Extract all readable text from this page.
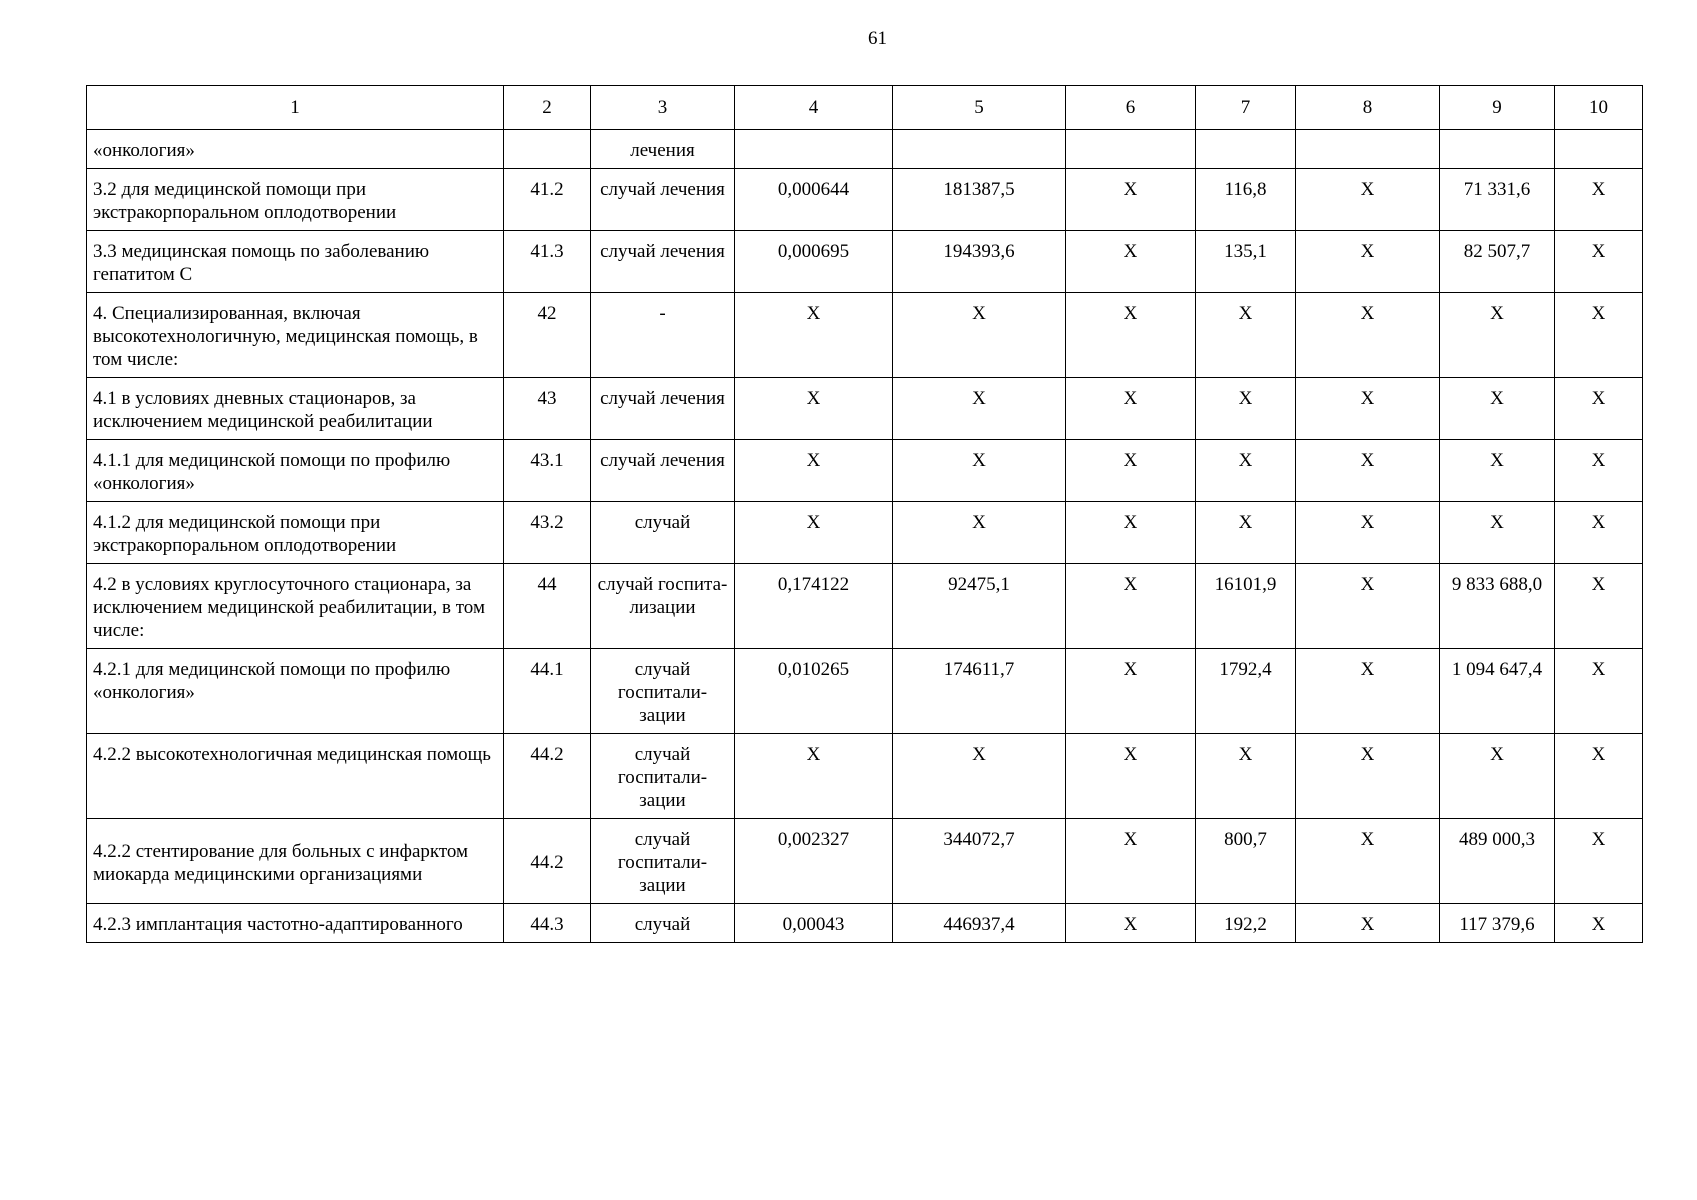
61
1	2	3	4	5	6	7	8	9	10
«онкология»		лечения							
3.2 для медицинской помощи при экстракорпоральном оплодотворении	41.2	случай лечения	0,000644	181387,5	X	116,8	X	71 331,6	X
3.3 медицинская помощь по заболеванию гепатитом С	41.3	случай лечения	0,000695	194393,6	X	135,1	X	82 507,7	X
4. Специализированная, включая высокотехнологичную, медицинская помощь, в том числе:	42	-	X	X	X	X	X	X	X
4.1 в условиях дневных стационаров, за исключением медицинской реабилитации	43	случай лечения	X	X	X	X	X	X	X
4.1.1 для медицинской помощи по профилю «онкология»	43.1	случай лечения	X	X	X	X	X	X	X
4.1.2 для медицинской помощи при экстракорпоральном оплодотворении	43.2	случай	X	X	X	X	X	X	X
4.2 в условиях круглосуточного стационара, за исключением медицинской реабилитации, в том числе:	44	случай госпита-лизации	0,174122	92475,1	X	16101,9	X	9 833 688,0	X
4.2.1 для медицинской помощи по профилю «онкология»	44.1	случай госпитали-зации	0,010265	174611,7	X	1792,4	X	1 094 647,4	X
4.2.2 высокотехнологичная медицинская помощь	44.2	случай госпитали-зации	X	X	X	X	X	X	X
4.2.2 стентирование для больных с инфарктом миокарда медицинскими организациями	44.2	случай госпитали-зации	0,002327	344072,7	X	800,7	X	489 000,3	X
4.2.3 имплантация частотно-адаптированного	44.3	случай	0,00043	446937,4	X	192,2	X	117 379,6	X
